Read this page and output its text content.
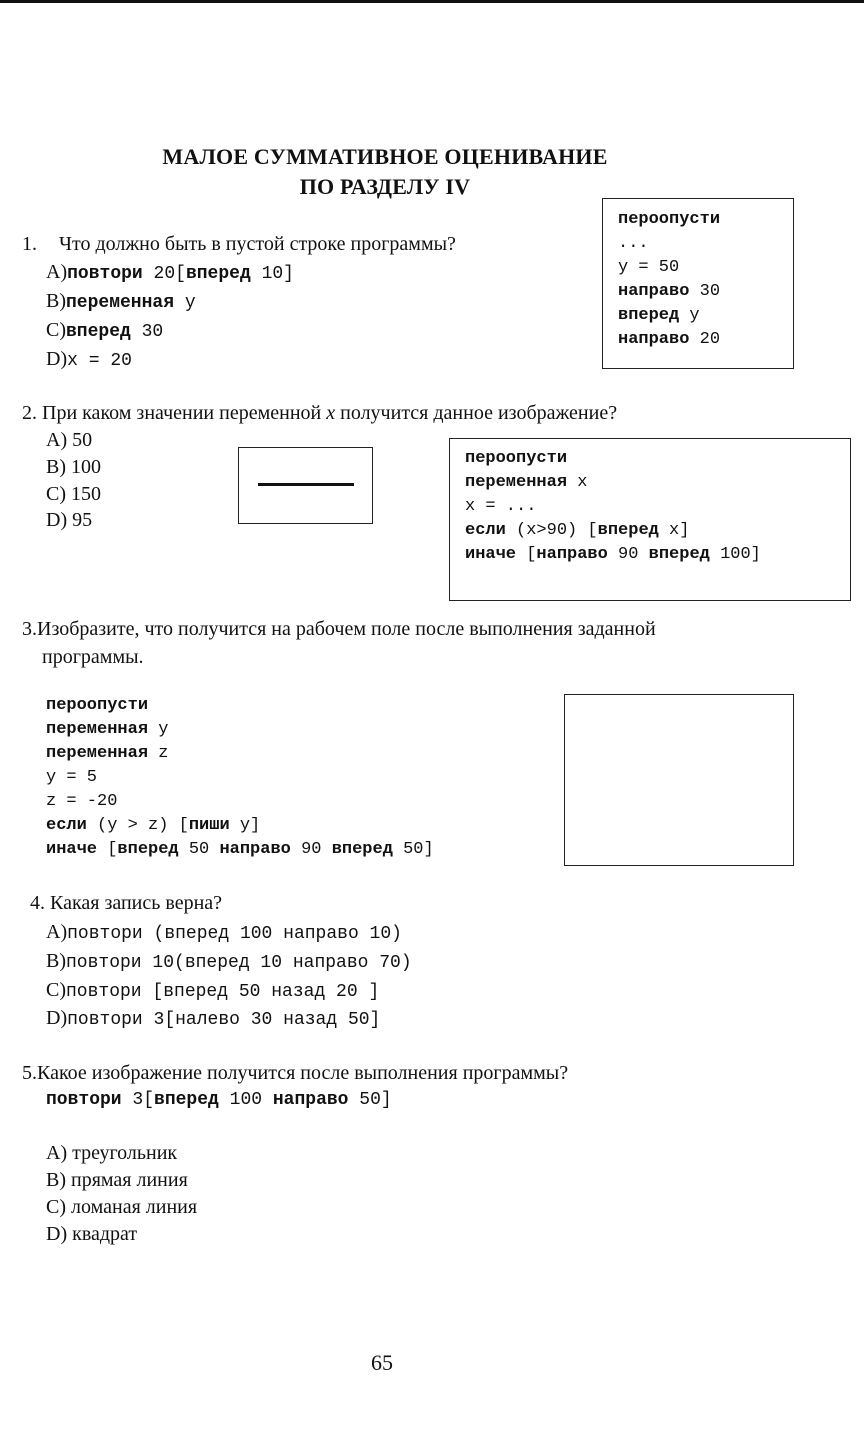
МАЛОЕ СУММАТИВНОЕ ОЦЕНИВАНИЕ
ПО РАЗДЕЛУ IV
1. Что должно быть в пустой строке программы?
A)повтори 20[вперед 10]
B)переменная y
C)вперед 30
D)x = 20
пероопусти
...
y = 50
направо 30
вперед y
направо 20
2. При каком значении переменной x получится данное изображение?
A) 50
B) 100
C) 150
D) 95
пероопусти
переменная x
x = ...
если (x>90) [вперед x]
иначе [направо 90 вперед 100]
3.Изобразите, что получится на рабочем поле после выполнения заданной
программы.
пероопусти
переменная y
переменная z
y = 5
z = -20
если (y > z) [пиши y]
иначе [вперед 50 направо 90 вперед 50]
4. Какая запись верна?
A)повтори (вперед 100 направо 10)
B)повтори 10(вперед 10 направо 70)
C)повтори [вперед 50 назад 20 ]
D)повтори 3[налево 30 назад 50]
5.Какое изображение получится после выполнения программы?
повтори 3[вперед 100 направо 50]
A) треугольник
B) прямая линия
C) ломаная линия
D) квадрат
65
